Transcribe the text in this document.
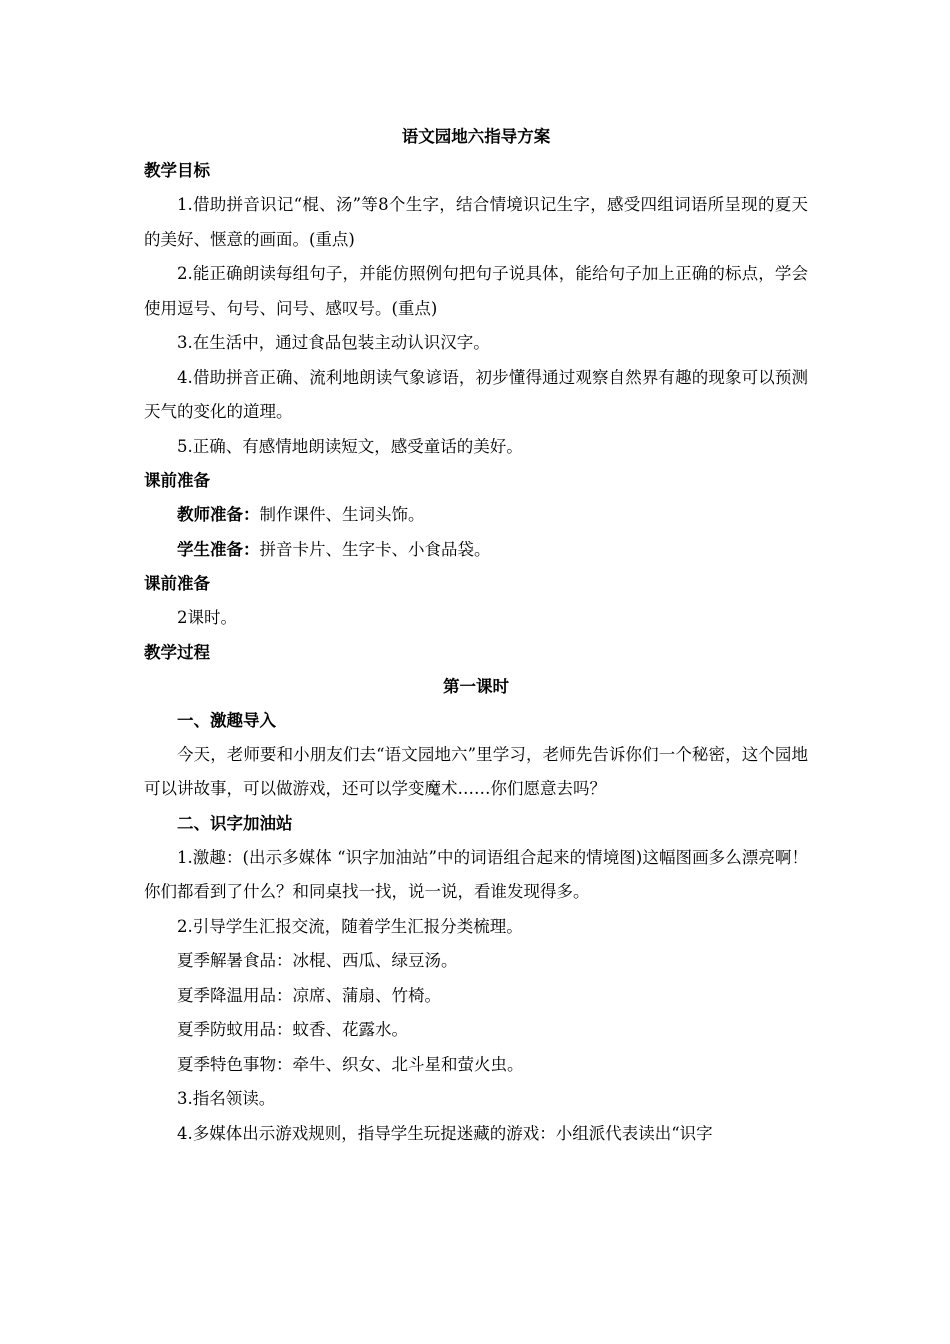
语文园地六指导方案
教学目标

1.借助拼音识记“棍、汤”等8个生字，结合情境识记生字，感受四组词语所呈现的夏天的美好、惬意的画面。(重点)

2.能正确朗读每组句子，并能仿照例句把句子说具体，能给句子加上正确的标点，学会使用逗号、句号、问号、感叹号。(重点)

3.在生活中，通过食品包装主动认识汉字。

4.借助拼音正确、流利地朗读气象谚语，初步懂得通过观察自然界有趣的现象可以预测天气的变化的道理。

5.正确、有感情地朗读短文，感受童话的美好。

课前准备

教师准备：制作课件、生词头饰。

学生准备：拼音卡片、生字卡、小食品袋。

课前准备

2课时。

教学过程
第一课时
一、激趣导入

今天，老师要和小朋友们去“语文园地六”里学习，老师先告诉你们一个秘密，这个园地可以讲故事，可以做游戏，还可以学变魔术……你们愿意去吗？

二、识字加油站

1.激趣：(出示多媒体 “识字加油站”中的词语组合起来的情境图)这幅图画多么漂亮啊！你们都看到了什么？和同桌找一找，说一说，看谁发现得多。

2.引导学生汇报交流，随着学生汇报分类梳理。

夏季解暑食品：冰棍、西瓜、绿豆汤。

夏季降温用品：凉席、蒲扇、竹椅。

夏季防蚊用品：蚊香、花露水。

夏季特色事物：牵牛、织女、北斗星和萤火虫。

3.指名领读。

4.多媒体出示游戏规则，指导学生玩捉迷藏的游戏：小组派代表读出“识字
